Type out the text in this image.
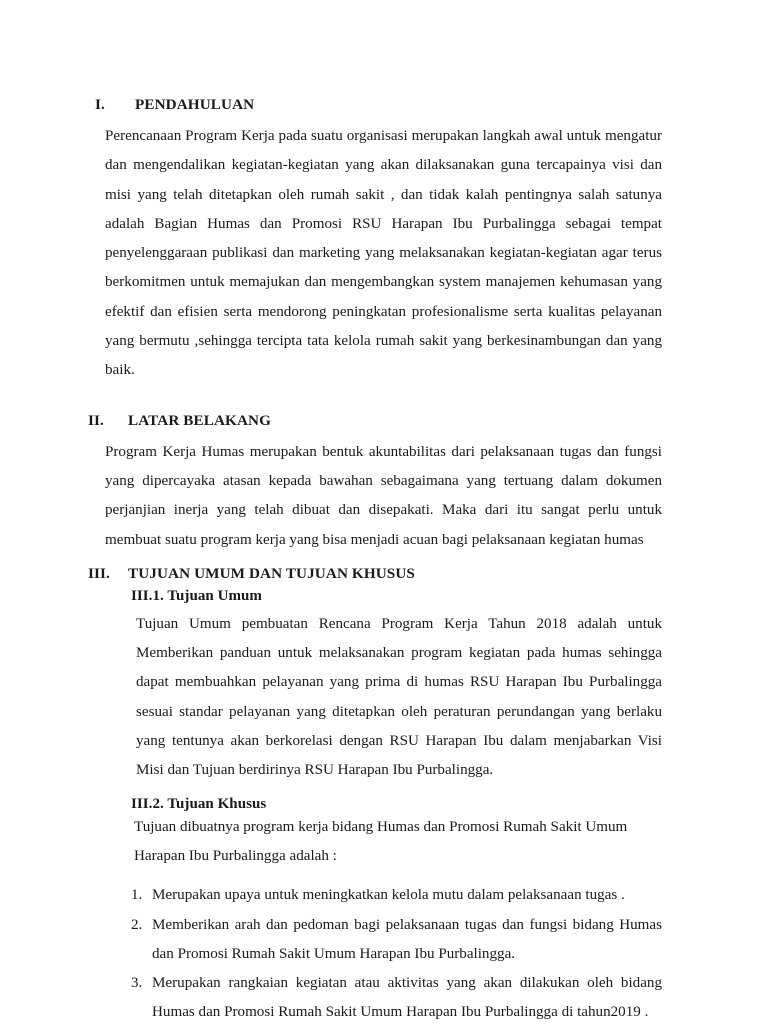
I.	PENDAHULUAN

Perencanaan Program Kerja pada suatu organisasi merupakan langkah awal untuk mengatur dan mengendalikan kegiatan-kegiatan yang akan dilaksanakan guna tercapainya visi dan misi yang telah ditetapkan oleh rumah sakit , dan tidak kalah pentingnya salah satunya adalah Bagian Humas dan Promosi RSU Harapan Ibu Purbalingga sebagai tempat penyelenggaraan publikasi dan marketing yang melaksanakan kegiatan-kegiatan agar terus berkomitmen untuk memajukan dan mengembangkan system manajemen kehumasan yang efektif dan efisien serta mendorong peningkatan profesionalisme serta kualitas pelayanan yang bermutu ,sehingga tercipta tata kelola rumah sakit yang berkesinambungan dan yang baik.

II.	LATAR BELAKANG

Program Kerja Humas merupakan bentuk akuntabilitas dari pelaksanaan tugas dan fungsi yang dipercayaka atasan kepada bawahan sebagaimana yang tertuang dalam dokumen perjanjian inerja yang telah dibuat dan disepakati. Maka dari itu sangat perlu untuk membuat suatu program kerja yang bisa menjadi acuan bagi pelaksanaan kegiatan humas

III.	TUJUAN UMUM DAN TUJUAN KHUSUS
III.1. Tujuan Umum

Tujuan Umum pembuatan Rencana Program Kerja Tahun 2018 adalah untuk Memberikan panduan untuk melaksanakan program kegiatan pada humas sehingga dapat membuahkan pelayanan yang prima di humas RSU Harapan Ibu Purbalingga sesuai standar pelayanan yang ditetapkan oleh peraturan perundangan yang berlaku yang tentunya akan berkorelasi dengan RSU Harapan Ibu dalam menjabarkan Visi Misi dan Tujuan berdirinya RSU Harapan Ibu Purbalingga.

III.2. Tujuan Khusus

Tujuan dibuatnya program kerja bidang Humas dan Promosi Rumah Sakit Umum

Harapan Ibu Purbalingga adalah :

1. Merupakan upaya untuk meningkatkan kelola mutu dalam pelaksanaan tugas .
2. Memberikan arah dan pedoman bagi pelaksanaan tugas dan fungsi bidang Humas dan Promosi Rumah Sakit Umum Harapan Ibu Purbalingga.
3. Merupakan rangkaian kegiatan atau aktivitas yang akan dilakukan oleh bidang Humas dan Promosi Rumah Sakit Umum Harapan Ibu Purbalingga di tahun2019 .
